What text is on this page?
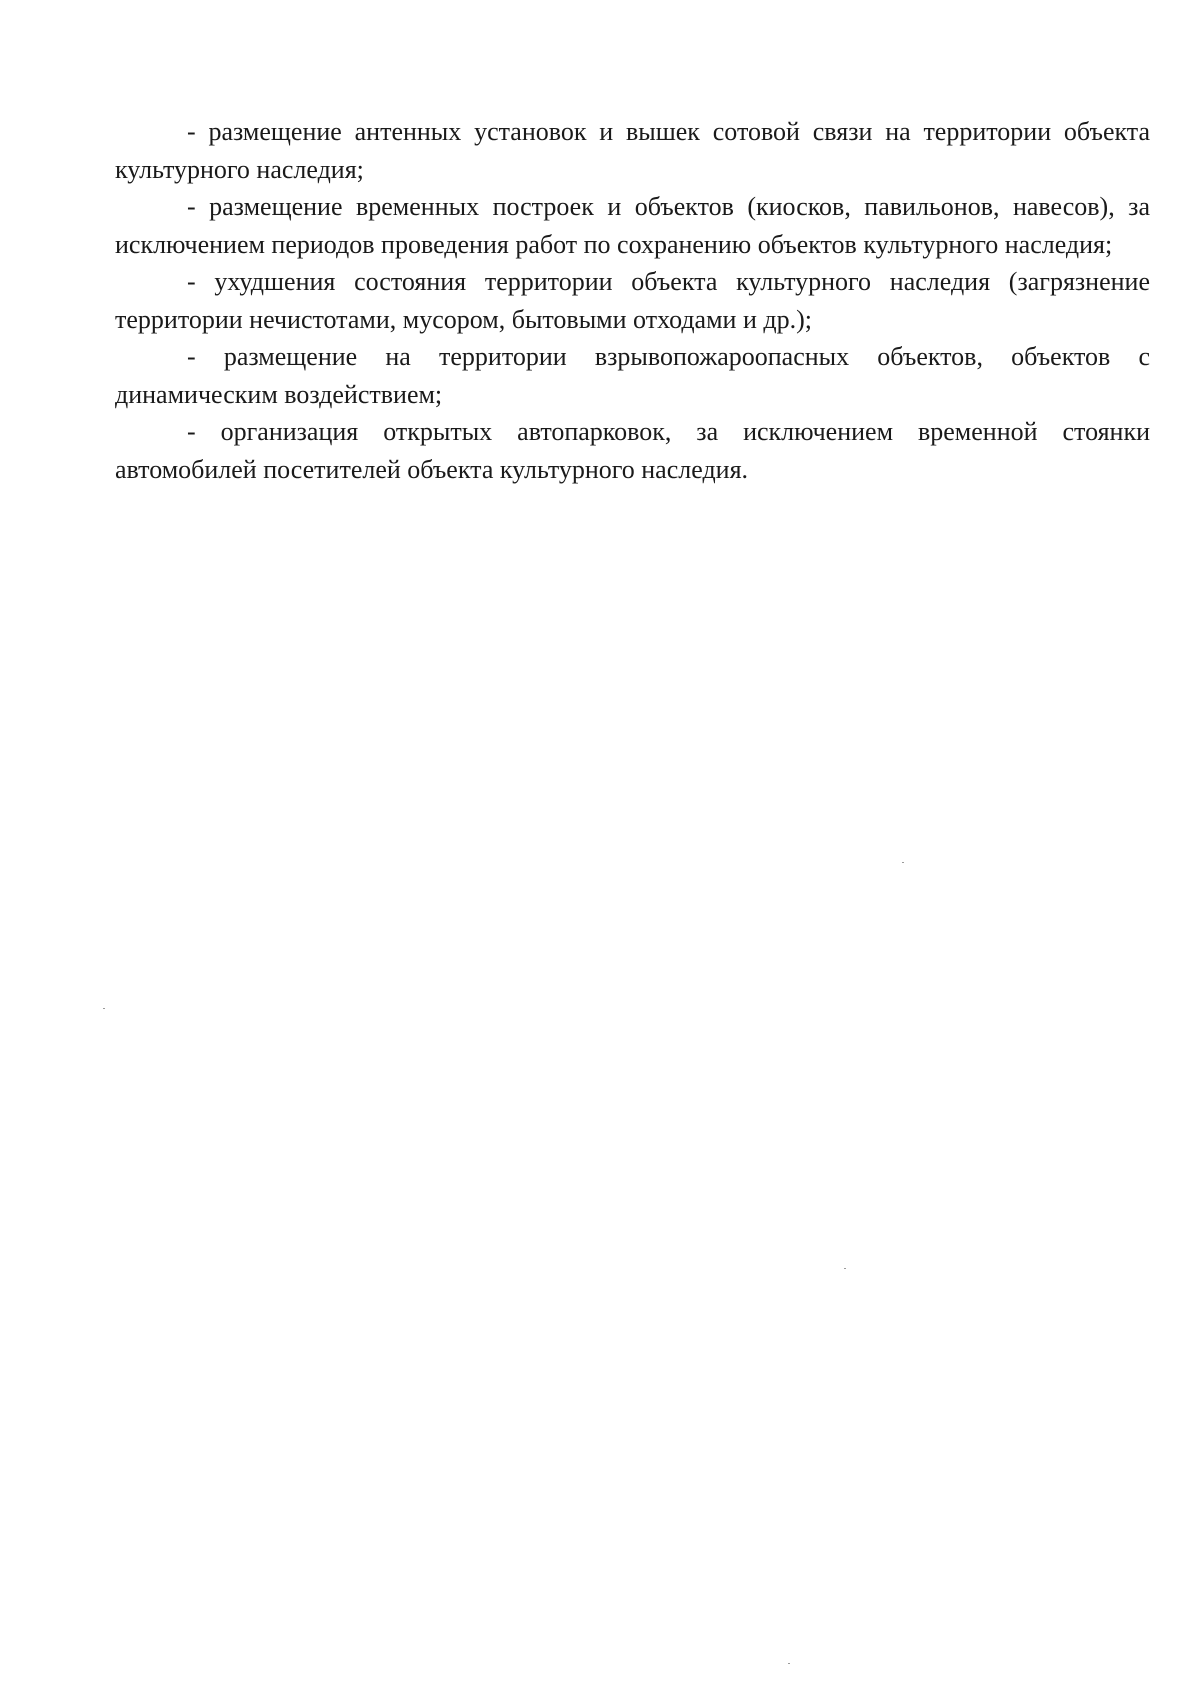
- размещение антенных установок и вышек сотовой связи на территории объекта культурного наследия;

- размещение временных построек и объектов (киосков, павильонов, навесов), за исключением периодов проведения работ по сохранению объектов культурного наследия;

- ухудшения состояния территории объекта культурного наследия (загрязнение территории нечистотами, мусором, бытовыми отходами и др.);

- размещение на территории взрывопожароопасных объектов, объектов с динамическим воздействием;

- организация открытых автопарковок, за исключением временной стоянки автомобилей посетителей объекта культурного наследия.
